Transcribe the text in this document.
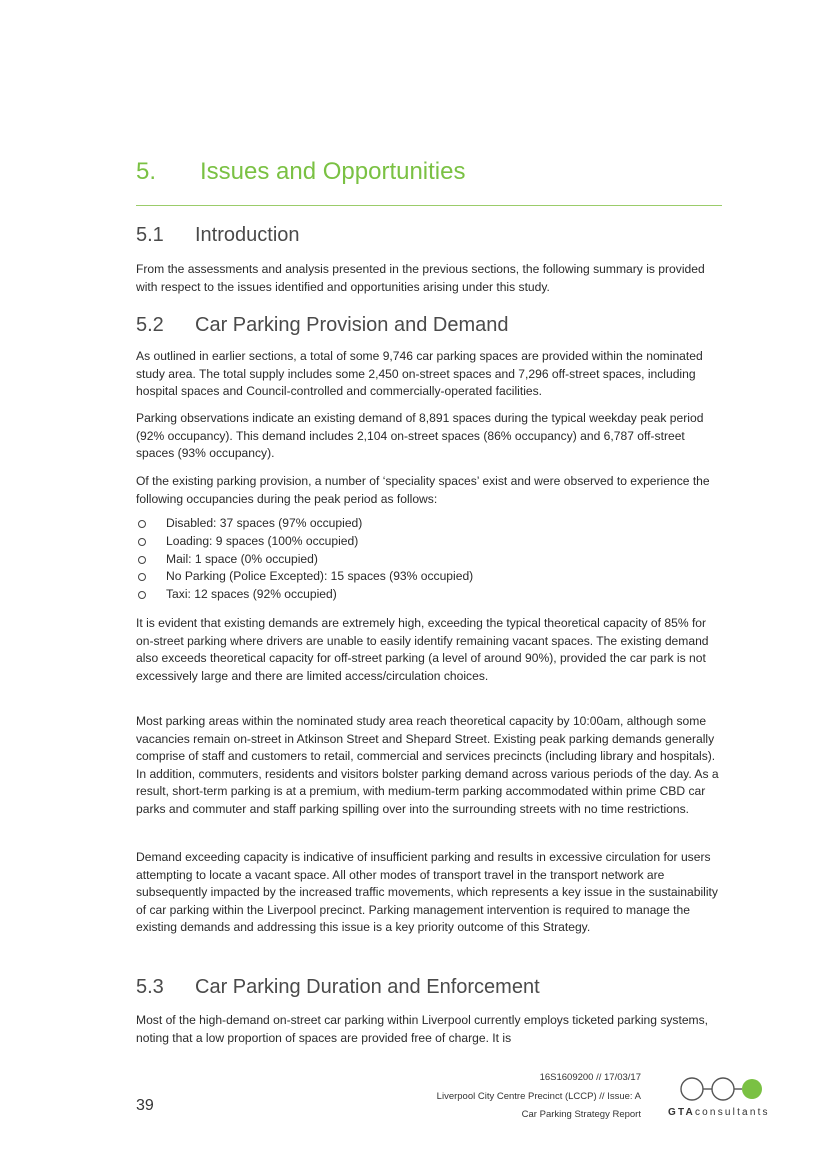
5. Issues and Opportunities
5.1 Introduction

From the assessments and analysis presented in the previous sections, the following summary is provided with respect to the issues identified and opportunities arising under this study.

5.2 Car Parking Provision and Demand

As outlined in earlier sections, a total of some 9,746 car parking spaces are provided within the nominated study area. The total supply includes some 2,450 on-street spaces and 7,296 off-street spaces, including hospital spaces and Council-controlled and commercially-operated facilities.

Parking observations indicate an existing demand of 8,891 spaces during the typical weekday peak period (92% occupancy). This demand includes 2,104 on-street spaces (86% occupancy) and 6,787 off-street spaces (93% occupancy).

Of the existing parking provision, a number of ‘speciality spaces’ exist and were observed to experience the following occupancies during the peak period as follows:

Disabled: 37 spaces (97% occupied)
Loading: 9 spaces (100% occupied)
Mail: 1 space (0% occupied)
No Parking (Police Excepted): 15 spaces (93% occupied)
Taxi: 12 spaces (92% occupied)

It is evident that existing demands are extremely high, exceeding the typical theoretical capacity of 85% for on-street parking where drivers are unable to easily identify remaining vacant spaces. The existing demand also exceeds theoretical capacity for off-street parking (a level of around 90%), provided the car park is not excessively large and there are limited access/circulation choices.

Most parking areas within the nominated study area reach theoretical capacity by 10:00am, although some vacancies remain on-street in Atkinson Street and Shepard Street. Existing peak parking demands generally comprise of staff and customers to retail, commercial and services precincts (including library and hospitals). In addition, commuters, residents and visitors bolster parking demand across various periods of the day. As a result, short-term parking is at a premium, with medium-term parking accommodated within prime CBD car parks and commuter and staff parking spilling over into the surrounding streets with no time restrictions.

Demand exceeding capacity is indicative of insufficient parking and results in excessive circulation for users attempting to locate a vacant space. All other modes of transport travel in the transport network are subsequently impacted by the increased traffic movements, which represents a key issue in the sustainability of car parking within the Liverpool precinct. Parking management intervention is required to manage the existing demands and addressing this issue is a key priority outcome of this Strategy.

5.3 Car Parking Duration and Enforcement

Most of the high-demand on-street car parking within Liverpool currently employs ticketed parking systems, noting that a low proportion of spaces are provided free of charge. It is

39
16S1609200 // 17/03/17
Liverpool City Centre Precinct (LCCP) // Issue: A
Car Parking Strategy Report	GTAconsultants
